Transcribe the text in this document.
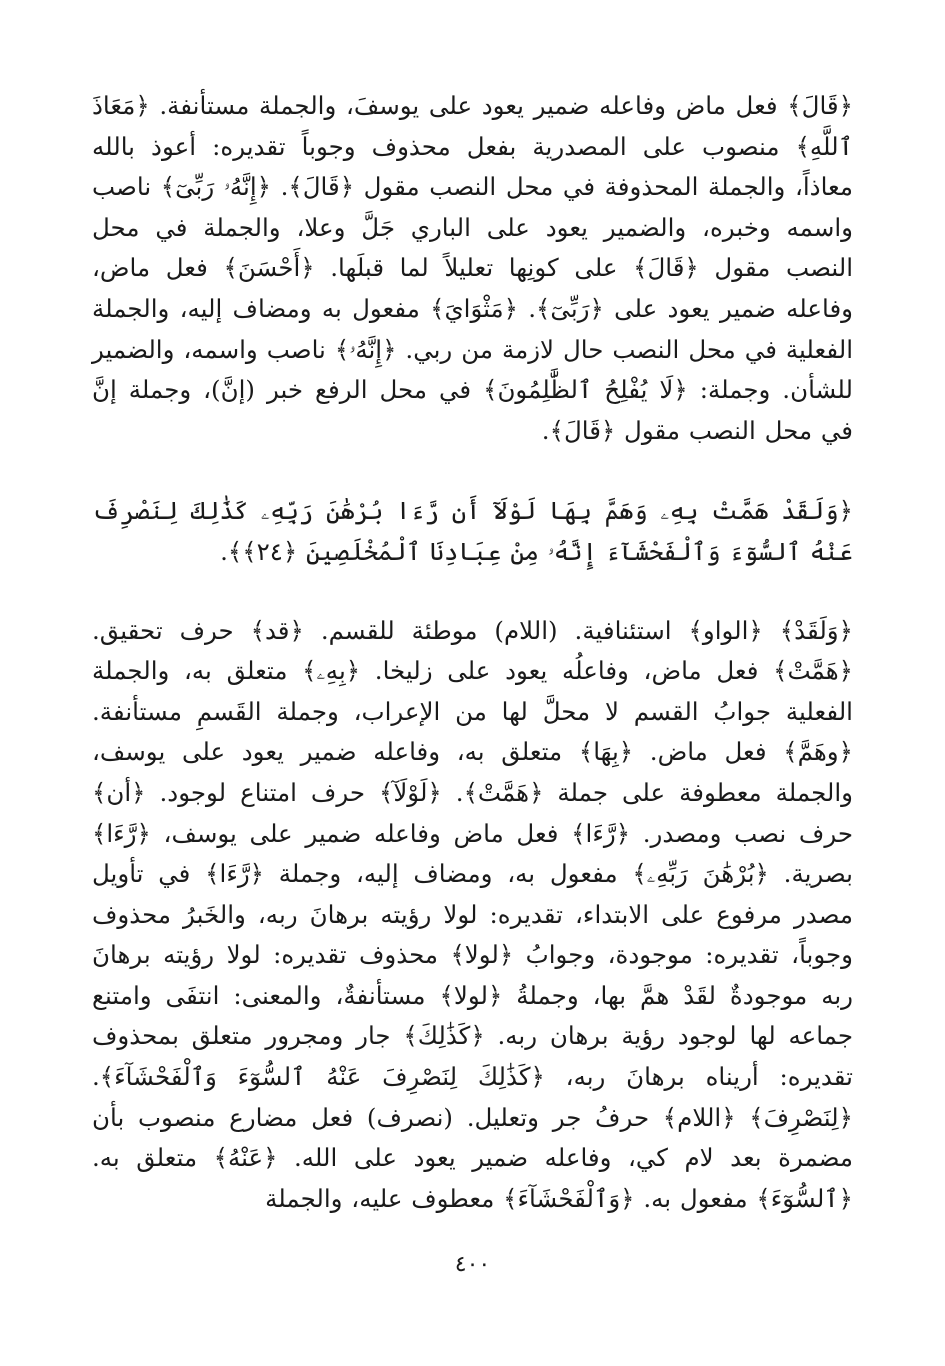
﴿قَالَ﴾ فعل ماض وفاعله ضمير يعود على يوسفَ، والجملة مستأنفة. ﴿مَعَاذَ ٱللَّهِ﴾ منصوب على المصدرية بفعل محذوف وجوباً تقديره: أعوذ بالله معاذاً، والجملة المحذوفة في محل النصب مقول ﴿قَالَ﴾. ﴿إِنَّهُۥ رَبِّىٓ﴾ ناصب واسمه وخبره، والضمير يعود على الباري جَلَّ وعلا، والجملة في محل النصب مقول ﴿قَالَ﴾ على كونِها تعليلاً لما قبلَها. ﴿أَحْسَنَ﴾ فعل ماض، وفاعله ضمير يعود على ﴿رَبِّىٓ﴾. ﴿مَثْوَايَ﴾ مفعول به ومضاف إليه، والجملة الفعلية في محل النصب حال لازمة من ربي. ﴿إِنَّهُۥ﴾ ناصب واسمه، والضمير للشأن. وجملة: ﴿لَا يُفْلِحُ ٱلظَّٰلِمُونَ﴾ في محل الرفع خبر (إنَّ)، وجملة إنَّ في محل النصب مقول ﴿قَالَ﴾.

﴿وَلَقَدْ هَمَّتْ بِهِۦ وَهَمَّ بِهَا لَوْلَآ أَن رَّءَا بُرْهَٰنَ رَبِّهِۦ كَذَٰلِكَ لِنَصْرِفَ عَنْهُ ٱلسُّوٓءَ وَٱلْفَحْشَآءَ إِنَّهُۥ مِنْ عِبَادِنَا ٱلْمُخْلَصِينَ ﴿٢٤﴾﴾.

﴿وَلَقَدْ﴾ ﴿الواو﴾ استئنافية. (اللام) موطئة للقسم. ﴿قد﴾ حرف تحقيق. ﴿هَمَّتْ﴾ فعل ماض، وفاعلُه يعود على زليخا. ﴿بِهِۦ﴾ متعلق به، والجملة الفعلية جوابُ القسم لا محلَّ لها من الإعراب، وجملة القَسمِ مستأنفة. ﴿وهَمَّ﴾ فعل ماض. ﴿بِهَا﴾ متعلق به، وفاعله ضمير يعود على يوسف، والجملة معطوفة على جملة ﴿هَمَّتْ﴾. ﴿لَوْلَآ﴾ حرف امتناع لوجود. ﴿أن﴾ حرف نصب ومصدر. ﴿رَّءَا﴾ فعل ماض وفاعله ضمير على يوسف، ﴿رَّءَا﴾ بصرية. ﴿بُرْهَٰنَ رَبِّهِۦ﴾ مفعول به، ومضاف إليه، وجملة ﴿رَّءَا﴾ في تأويل مصدر مرفوع على الابتداء، تقديره: لولا رؤيته برهانَ ربه، والخَبرُ محذوف وجوباً، تقديره: موجودة، وجوابُ ﴿لولا﴾ محذوف تقديره: لولا رؤيته برهانَ ربه موجودةٌ لقَدْ همَّ بها، وجملةُ ﴿لولا﴾ مستأنفةٌ، والمعنى: انتفَى وامتنع جماعه لها لوجود رؤية برهان ربه. ﴿كَذَٰلِكَ﴾ جار ومجرور متعلق بمحذوف تقديره: أريناه برهانَ ربه، ﴿كَذَٰلِكَ لِنَصْرِفَ عَنْهُ ٱلسُّوٓءَ وَٱلْفَحْشَآءَ﴾. ﴿لِنَصْرِفَ﴾ ﴿اللام﴾ حرفُ جر وتعليل. (نصرف) فعل مضارع منصوب بأن مضمرة بعد لام كي، وفاعله ضمير يعود على الله. ﴿عَنْهُ﴾ متعلق به. ﴿ٱلسُّوٓءَ﴾ مفعول به. ﴿وَٱلْفَحْشَآءَ﴾ معطوف عليه، والجملة

٤٠٠
